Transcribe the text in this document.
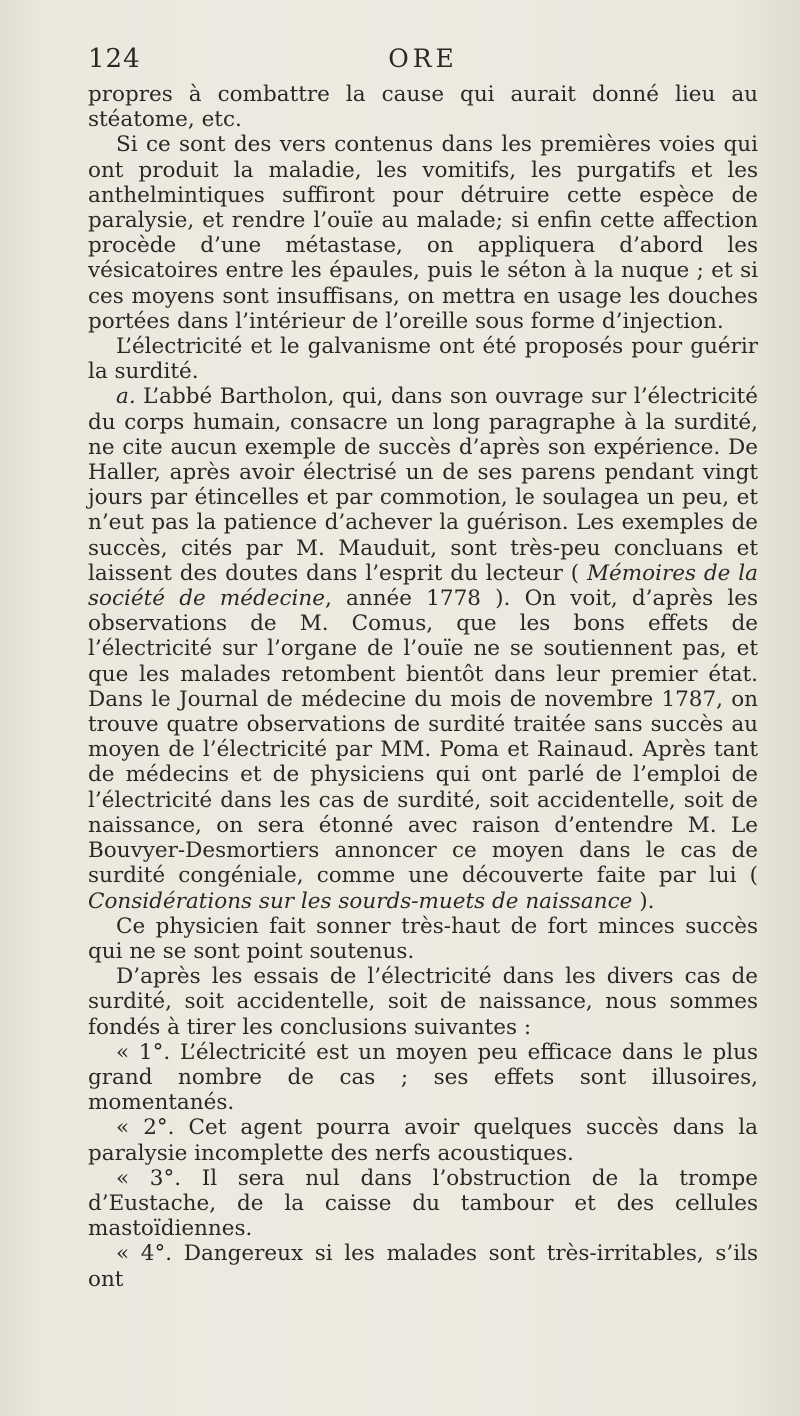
124	ORE

propres à combattre la cause qui aurait donné lieu au stéatome, etc.

Si ce sont des vers contenus dans les premières voies qui ont produit la maladie, les vomitifs, les purgatifs et les anthelmintiques suffiront pour détruire cette espèce de paralysie, et rendre l’ouïe au malade; si enfin cette affection procède d’une métastase, on appliquera d’abord les vésicatoires entre les épaules, puis le séton à la nuque ; et si ces moyens sont insuffisans, on mettra en usage les douches portées dans l’intérieur de l’oreille sous forme d’injection.

L’électricité et le galvanisme ont été proposés pour guérir la surdité.

a. L’abbé Bartholon, qui, dans son ouvrage sur l’électricité du corps humain, consacre un long paragraphe à la surdité, ne cite aucun exemple de succès d’après son expérience. De Haller, après avoir électrisé un de ses parens pendant vingt jours par étincelles et par commotion, le soulagea un peu, et n’eut pas la patience d’achever la guérison. Les exemples de succès, cités par M. Mauduit, sont très-peu concluans et laissent des doutes dans l’esprit du lecteur ( Mémoires de la société de médecine, année 1778 ). On voit, d’après les observations de M. Comus, que les bons effets de l’électricité sur l’organe de l’ouïe ne se soutiennent pas, et que les malades retombent bientôt dans leur premier état. Dans le Journal de médecine du mois de novembre 1787, on trouve quatre observations de surdité traitée sans succès au moyen de l’électricité par MM. Poma et Rainaud. Après tant de médecins et de physiciens qui ont parlé de l’emploi de l’électricité dans les cas de surdité, soit accidentelle, soit de naissance, on sera étonné avec raison d’entendre M. Le Bouvyer-Desmortiers annoncer ce moyen dans le cas de surdité congéniale, comme une découverte faite par lui ( Considérations sur les sourds-muets de naissance ).

Ce physicien fait sonner très-haut de fort minces succès qui ne se sont point soutenus.

D’après les essais de l’électricité dans les divers cas de surdité, soit accidentelle, soit de naissance, nous sommes fondés à tirer les conclusions suivantes :

« 1°. L’électricité est un moyen peu efficace dans le plus grand nombre de cas ; ses effets sont illusoires, momentanés.

« 2°. Cet agent pourra avoir quelques succès dans la paralysie incomplette des nerfs acoustiques.

« 3°. Il sera nul dans l’obstruction de la trompe d’Eustache, de la caisse du tambour et des cellules mastoïdiennes.

« 4°. Dangereux si les malades sont très-irritables, s’ils ont
